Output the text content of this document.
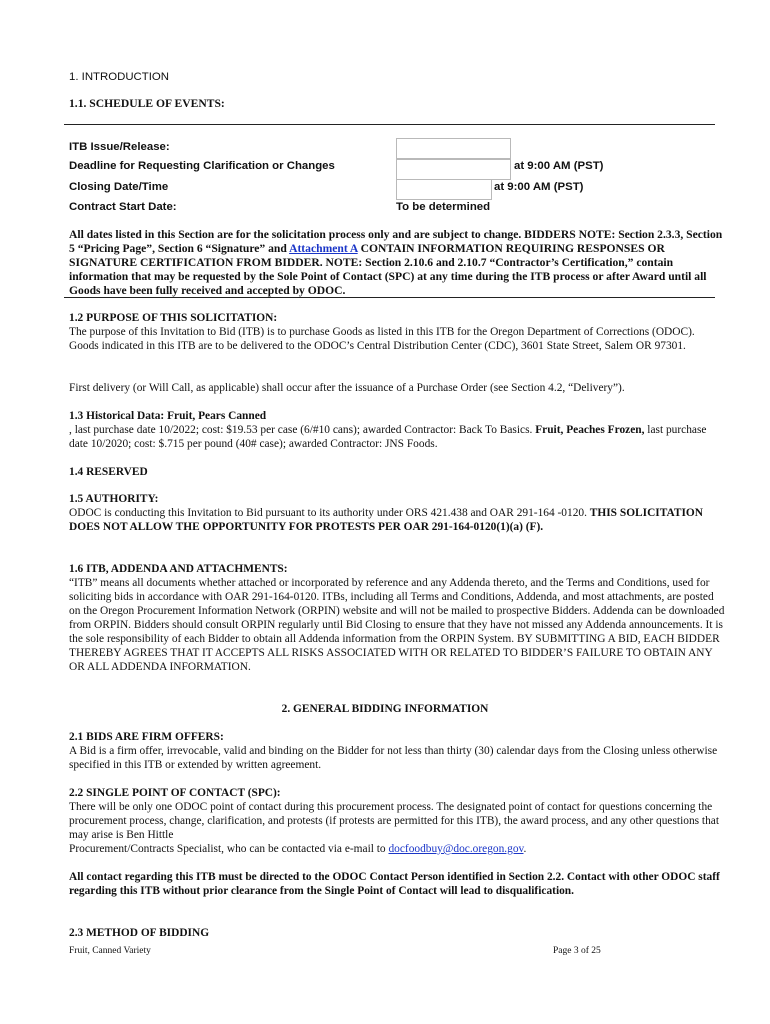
1. INTRODUCTION
1.1. SCHEDULE OF EVENTS:
ITB Issue/Release:
Deadline for Requesting Clarification or Changes	at 9:00 AM (PST)
Closing Date/Time	at 9:00 AM (PST)
Contract Start Date:	To be determined
All dates listed in this Section are for the solicitation process only and are subject to change. BIDDERS NOTE: Section 2.3.3, Section 5 “Pricing Page”, Section 6 “Signature” and Attachment A CONTAIN INFORMATION REQUIRING RESPONSES OR SIGNATURE CERTIFICATION FROM BIDDER. NOTE: Section 2.10.6 and 2.10.7 “Contractor’s Certification,” contain information that may be requested by the Sole Point of Contact (SPC) at any time during the ITB process or after Award until all Goods have been fully received and accepted by ODOC.
1.2 PURPOSE OF THIS SOLICITATION:
The purpose of this Invitation to Bid (ITB) is to purchase Goods as listed in this ITB for the Oregon Department of Corrections (ODOC). Goods indicated in this ITB are to be delivered to the ODOC’s Central Distribution Center (CDC), 3601 State Street, Salem OR 97301.
First delivery (or Will Call, as applicable) shall occur after the issuance of a Purchase Order (see Section 4.2, “Delivery”).
1.3 Historical Data: Fruit, Pears Canned
, last purchase date 10/2022; cost: $19.53 per case (6/#10 cans); awarded Contractor: Back To Basics. Fruit, Peaches Frozen, last purchase date 10/2020; cost: $.715 per pound (40# case); awarded Contractor: JNS Foods.
1.4 RESERVED
1.5 AUTHORITY:
ODOC is conducting this Invitation to Bid pursuant to its authority under ORS 421.438 and OAR 291-164 -0120. THIS SOLICITATION DOES NOT ALLOW THE OPPORTUNITY FOR PROTESTS PER OAR 291-164-0120(1)(a) (F).
1.6 ITB, ADDENDA AND ATTACHMENTS:
“ITB” means all documents whether attached or incorporated by reference and any Addenda thereto, and the Terms and Conditions, used for soliciting bids in accordance with OAR 291-164-0120. ITBs, including all Terms and Conditions, Addenda, and most attachments, are posted on the Oregon Procurement Information Network (ORPIN) website and will not be mailed to prospective Bidders. Addenda can be downloaded from ORPIN. Bidders should consult ORPIN regularly until Bid Closing to ensure that they have not missed any Addenda announcements. It is the sole responsibility of each Bidder to obtain all Addenda information from the ORPIN System. BY SUBMITTING A BID, EACH BIDDER THEREBY AGREES THAT IT ACCEPTS ALL RISKS ASSOCIATED WITH OR RELATED TO BIDDER’S FAILURE TO OBTAIN ANY OR ALL ADDENDA INFORMATION.
2. GENERAL BIDDING INFORMATION
2.1 BIDS ARE FIRM OFFERS:
A Bid is a firm offer, irrevocable, valid and binding on the Bidder for not less than thirty (30) calendar days from the Closing unless otherwise specified in this ITB or extended by written agreement.
2.2 SINGLE POINT OF CONTACT (SPC):
There will be only one ODOC point of contact during this procurement process. The designated point of contact for questions concerning the procurement process, change, clarification, and protests (if protests are permitted for this ITB), the award process, and any other questions that may arise is Ben Hittle
Procurement/Contracts Specialist, who can be contacted via e-mail to docfoodbuy@doc.oregon.gov.
All contact regarding this ITB must be directed to the ODOC Contact Person identified in Section 2.2. Contact with other ODOC staff regarding this ITB without prior clearance from the Single Point of Contact will lead to disqualification.
2.3 METHOD OF BIDDING
Fruit, Canned Variety	Page 3 of 25
